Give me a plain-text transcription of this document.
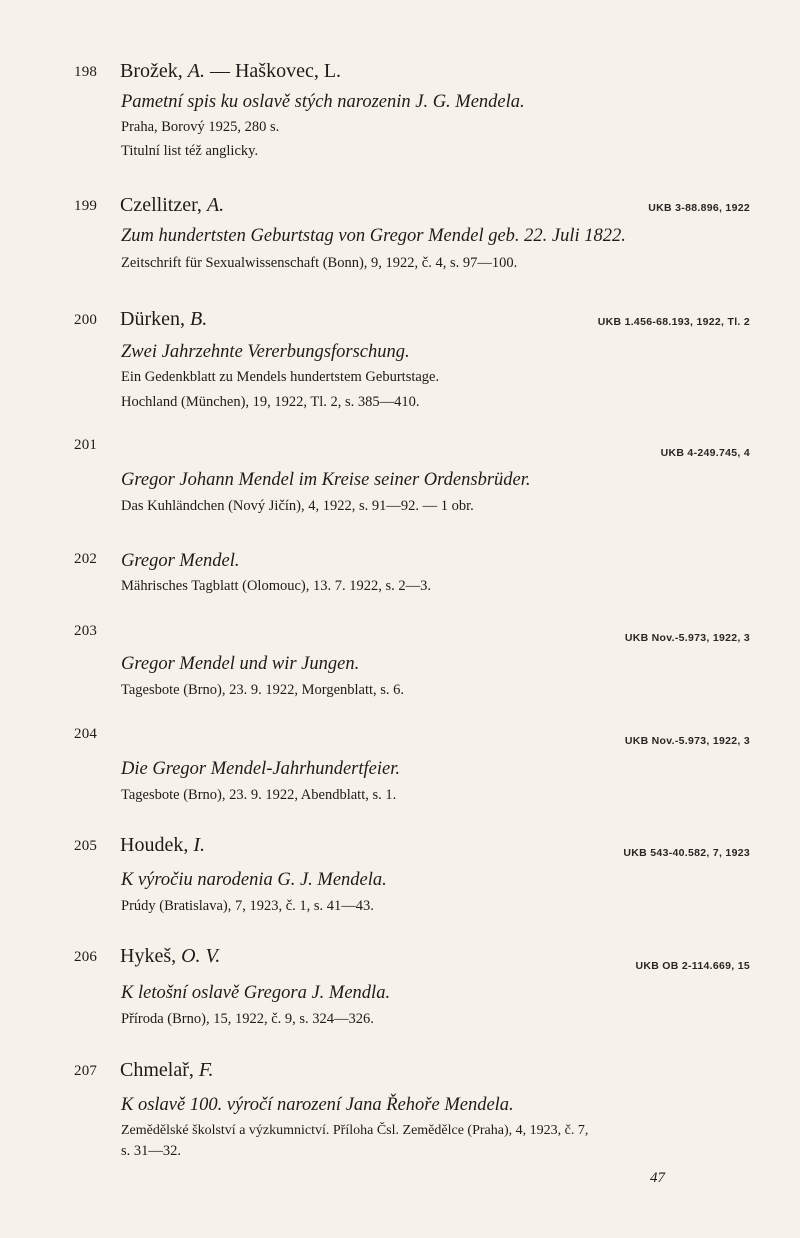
198 Brožek, A. — Haškovec, L.
Pametní spis ku oslavě stých narozenin J. G. Mendela.
Praha, Borový 1925, 280 s.
Titulní list též anglicky.
199 Czellitzer, A.	UKB 3-88.896, 1922
Zum hundertsten Geburtstag von Gregor Mendel geb. 22. Juli 1822.
Zeitschrift für Sexualwissenschaft (Bonn), 9, 1922, č. 4, s. 97—100.
200 Dürken, B.	UKB 1.456-68.193, 1922, Tl. 2
Zwei Jahrzehnte Vererbungsforschung.
Ein Gedenkblatt zu Mendels hundertstem Geburtstage.
Hochland (München), 19, 1922, Tl. 2, s. 385—410.
201	UKB 4-249.745, 4
Gregor Johann Mendel im Kreise seiner Ordensbrüder.
Das Kuhländchen (Nový Jičín), 4, 1922, s. 91—92. — 1 obr.
202 Gregor Mendel.
Mährisches Tagblatt (Olomouc), 13. 7. 1922, s. 2—3.
203	UKB Nov.-5.973, 1922, 3
Gregor Mendel und wir Jungen.
Tagesbote (Brno), 23. 9. 1922, Morgenblatt, s. 6.
204	UKB Nov.-5.973, 1922, 3
Die Gregor Mendel-Jahrhundertfeier.
Tagesbote (Brno), 23. 9. 1922, Abendblatt, s. 1.
205 Houdek, I.	UKB 543-40.582, 7, 1923
K výročiu narodenia G. J. Mendela.
Prúdy (Bratislava), 7, 1923, č. 1, s. 41—43.
206 Hykeš, O. V.	UKB OB 2-114.669, 15
K letošní oslavě Gregora J. Mendla.
Příroda (Brno), 15, 1922, č. 9, s. 324—326.
207 Chmelař, F.
K oslavě 100. výročí narození Jana Řehoře Mendela.
Zemědělské školství a výzkumnictví. Příloha Čsl. Zemědělce (Praha), 4, 1923, č. 7,
s. 31—32.
47
